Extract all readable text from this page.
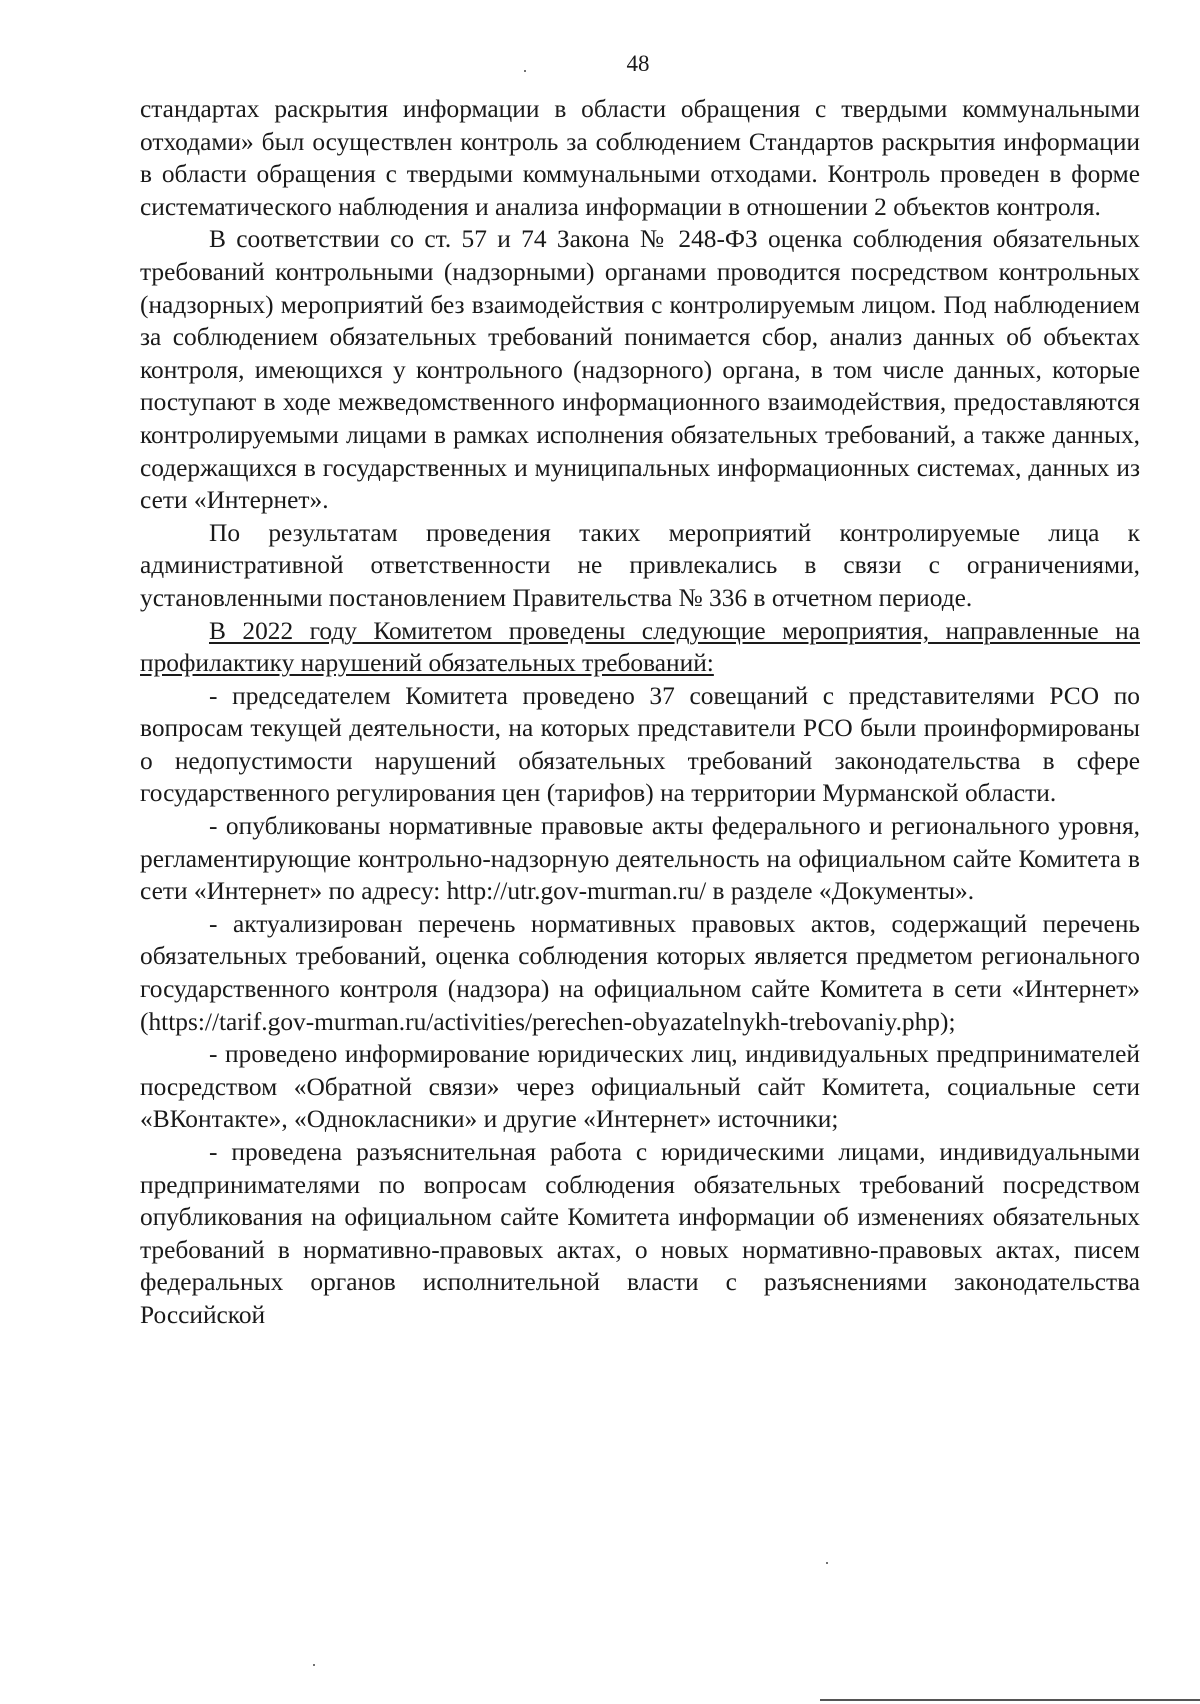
48

стандартах раскрытия информации в области обращения с твердыми коммунальными отходами» был осуществлен контроль за соблюдением Стандартов раскрытия информации в области обращения с твердыми коммунальными отходами. Контроль проведен в форме систематического наблюдения и анализа информации в отношении 2 объектов контроля.

В соответствии со ст. 57 и 74 Закона № 248-ФЗ оценка соблюдения обязательных требований контрольными (надзорными) органами проводится посредством контрольных (надзорных) мероприятий без взаимодействия с контролируемым лицом. Под наблюдением за соблюдением обязательных требований понимается сбор, анализ данных об объектах контроля, имеющихся у контрольного (надзорного) органа, в том числе данных, которые поступают в ходе межведомственного информационного взаимодействия, предоставляются контролируемыми лицами в рамках исполнения обязательных требований, а также данных, содержащихся в государственных и муниципальных информационных системах, данных из сети «Интернет».

По результатам проведения таких мероприятий контролируемые лица к административной ответственности не привлекались в связи с ограничениями, установленными постановлением Правительства № 336 в отчетном периоде.

В 2022 году Комитетом проведены следующие мероприятия, направленные на профилактику нарушений обязательных требований:

- председателем Комитета проведено 37 совещаний с представителями РСО по вопросам текущей деятельности, на которых представители РСО были проинформированы о недопустимости нарушений обязательных требований законодательства в сфере государственного регулирования цен (тарифов) на территории Мурманской области.

- опубликованы нормативные правовые акты федерального и регионального уровня, регламентирующие контрольно-надзорную деятельность на официальном сайте Комитета в сети «Интернет» по адресу: http://utr.gov-murman.ru/ в разделе «Документы».

- актуализирован перечень нормативных правовых актов, содержащий перечень обязательных требований, оценка соблюдения которых является предметом регионального государственного контроля (надзора) на официальном сайте Комитета в сети «Интернет» (https://tarif.gov-murman.ru/activities/perechen-obyazatelnykh-trebovaniy.php);

- проведено информирование юридических лиц, индивидуальных предпринимателей посредством «Обратной связи» через официальный сайт Комитета, социальные сети «ВКонтакте», «Однокласники» и другие «Интернет» источники;

- проведена разъяснительная работа с юридическими лицами, индивидуальными предпринимателями по вопросам соблюдения обязательных требований посредством опубликования на официальном сайте Комитета информации об изменениях обязательных требований в нормативно-правовых актах, о новых нормативно-правовых актах, писем федеральных органов исполнительной власти с разъяснениями законодательства Российской
